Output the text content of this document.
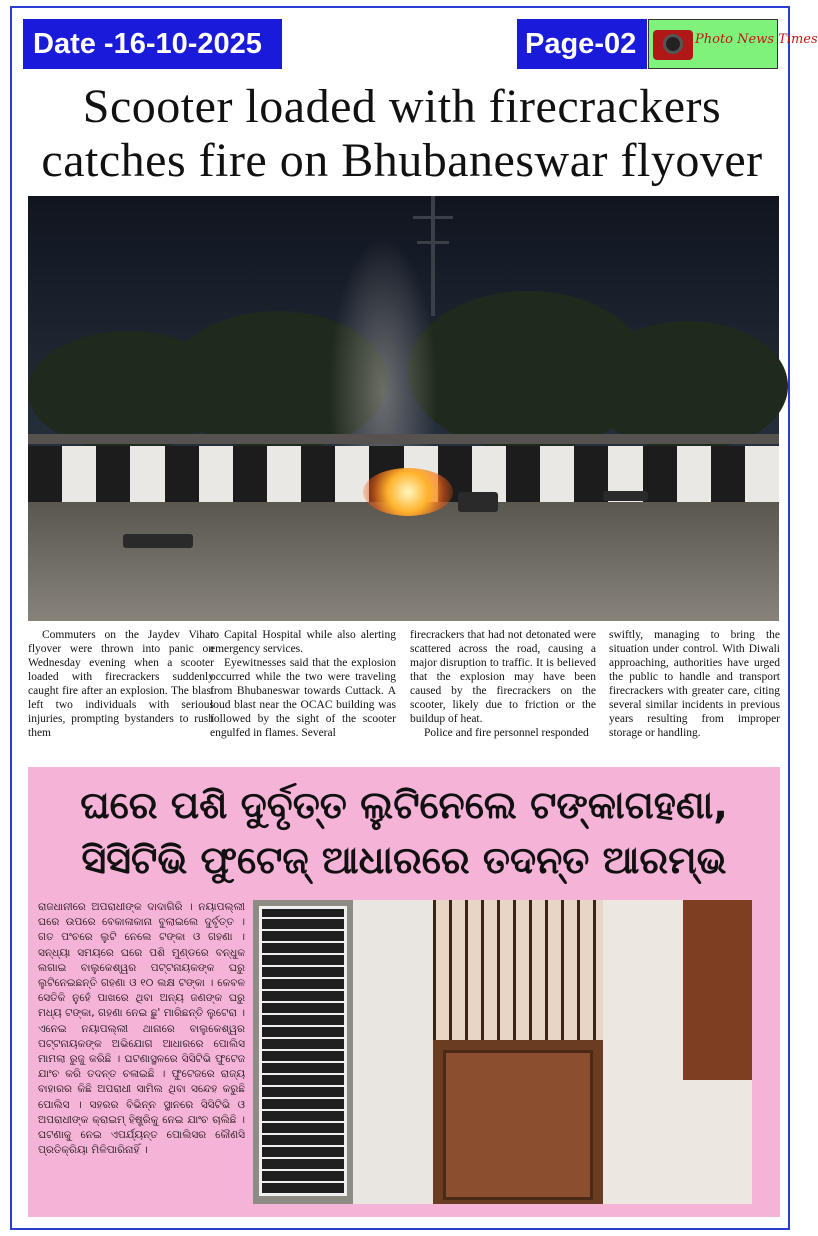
Date -16-10-2025	Page-02	Photo News Times
Scooter loaded with firecrackers
catches fire on Bhubaneswar flyover

Commuters on the Jaydev Vihar flyover were thrown into panic on Wednesday evening when a scooter loaded with firecrackers suddenly caught fire after an explosion. The blast left two individuals with serious injuries, prompting bystanders to rush them

to Capital Hospital while also alerting emergency services.

Eyewitnesses said that the explosion occurred while the two were traveling from Bhubaneswar towards Cuttack. A loud blast near the OCAC building was followed by the sight of the scooter engulfed in flames. Several

firecrackers that had not detonated were scattered across the road, causing a major disruption to traffic. It is believed that the explosion may have been caused by the firecrackers on the scooter, likely due to friction or the buildup of heat.

Police and fire personnel responded

swiftly, managing to bring the situation under control. With Diwali approaching, authorities have urged the public to handle and transport firecrackers with greater care, citing several similar incidents in previous years resulting from improper storage or handling.

ଘରେ ପଶି ଦୁର୍ବୃତ୍ତ ଲୁଟିନେଲେ ଟଙ୍କାଗହଣା,
ସିସିଟିଭି ଫୁଟେଜ୍ ଆଧାରରେ ତଦନ୍ତ ଆରମ୍ଭ

ରାଜଧାନୀରେ ଅପରାଧୀଙ୍କ ଦାଦାଗିରି । ନୟାପଲ୍ଲୀ ଘରେ ଉପରେ ବେକାଳାକାନା ବୁଲାଇଲେ ଦୁର୍ବୃତ୍ତ । ଗତ ପଂଚରେ ଲୁଟି ନେଲେ ଟଙ୍କା ଓ ଗହଣା । ସନ୍ଧ୍ୟା ସମୟରେ ଘରେ ପଶି ମୁଣ୍ଡରେ ବନ୍ଧୁକ ଲଗାଇ ବାଲୁକେଶ୍ୱର ପଟ୍ଟନାୟକଙ୍କ ଘରୁ ଲୁଟିନେଇଛନ୍ତି ଗହଣା ଓ ୧୦ ଲକ୍ଷ ଟଙ୍କା । କେବଳ ସେତିକି ନୁହେଁ ପାଖରେ ଥିବା ଅନ୍ୟ ଜଣଙ୍କ ଘରୁ ମଧ୍ୟ ଟଙ୍କା, ଗହଣା ନେଇ ଛୁ' ମାରିଛନ୍ତି ଲୁଟେରା । ଏନେଇ ନୟାପଲ୍ଲୀ ଥାନାରେ ବାଲୁକେଶ୍ୱର ପଟ୍ଟନାୟକଙ୍କ ଅଭିଯୋଗ ଆଧାରରେ ପୋଲିସ ମାମଲା ରୁଜୁ କରିଛି । ଘଟଣାସ୍ଥଳରେ ସିସିଟିଭି ଫୁଟେଜ ଯାଂଚ କରି ତଦନ୍ତ ଚଳାଇଛି । ଫୁଟେଜରେ ରାଜ୍ୟ ବାହାରର କିଛି ଅପରାଧୀ ସାମିଲ ଥିବା ସନ୍ଦେହ କରୁଛି ପୋଲିସ । ସହରର ବିଭିନ୍ନ ସ୍ଥାନରେ ସିସିଟିଭି ଓ ଅପରାଧୀଙ୍କ କ୍ରାଇମ୍ ହିଷ୍ଟ୍ରିକୁ ନେଇ ଯାଂଚ ଚାଲିଛି । ଘଟଣାକୁ ନେଇ ଏପର୍ଯ୍ୟନ୍ତ ପୋଲିସର କୌଣସି ପ୍ରତିକ୍ରିୟା ମିଳିପାରିନାହିଁ ।
